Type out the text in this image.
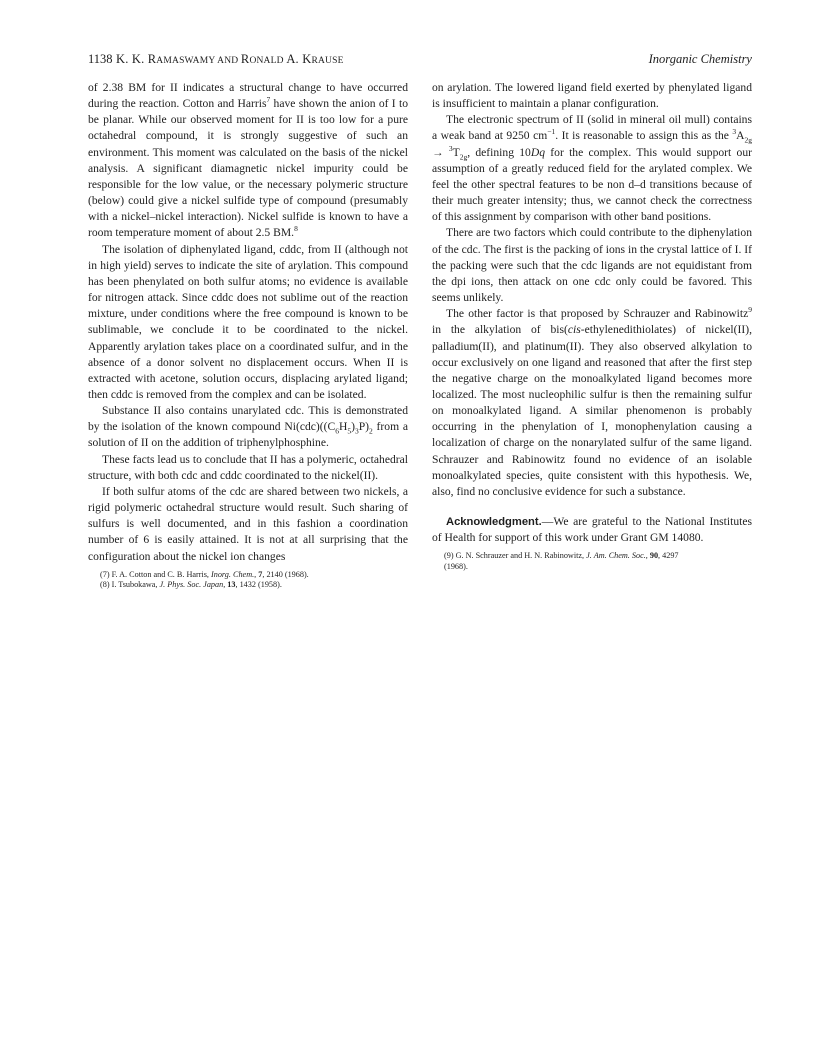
1138 K. K. RAMASWAMY AND RONALD A. KRAUSE	Inorganic Chemistry

of 2.38 BM for II indicates a structural change to have occurred during the reaction. Cotton and Harris$^7$ have shown the anion of I to be planar. While our observed moment for II is too low for a pure octahedral compound, it is strongly suggestive of such an environment. This moment was calculated on the basis of the nickel analysis. A significant diamagnetic nickel impurity could be responsible for the low value, or the necessary polymeric structure (below) could give a nickel sulfide type of compound (presumably with a nickel–nickel interaction). Nickel sulfide is known to have a room temperature moment of about 2.5 BM.$^8$

The isolation of diphenylated ligand, cddc, from II (although not in high yield) serves to indicate the site of arylation. This compound has been phenylated on both sulfur atoms; no evidence is available for nitrogen attack. Since cddc does not sublime out of the reaction mixture, under conditions where the free compound is known to be sublimable, we conclude it to be coordinated to the nickel. Apparently arylation takes place on a coordinated sulfur, and in the absence of a donor solvent no displacement occurs. When II is extracted with acetone, solution occurs, displacing arylated ligand; then cddc is removed from the complex and can be isolated.

Substance II also contains unarylated cdc. This is demonstrated by the isolation of the known compound $Ni(cdc)((C_6H_5)_3P)_2$ from a solution of II on the addition of triphenylphosphine.

These facts lead us to conclude that II has a polymeric, octahedral structure, with both cdc and cddc coordinated to the nickel(II).

If both sulfur atoms of the cdc are shared between two nickels, a rigid polymeric octahedral structure would result. Such sharing of sulfurs is well documented, and in this fashion a coordination number of 6 is easily attained. It is not at all surprising that the configuration about the nickel ion changes

(7) F. A. Cotton and C. B. Harris, Inorg. Chem., 7, 2140 (1968).
(8) I. Tsubokawa, J. Phys. Soc. Japan, 13, 1432 (1958).

on arylation. The lowered ligand field exerted by phenylated ligand is insufficient to maintain a planar configuration.

The electronic spectrum of II (solid in mineral oil mull) contains a weak band at 9250 $cm^{-1}$. It is reasonable to assign this as the $^3A_{2g} \to ^3T_{2g}$, defining 10Dq for the complex. This would support our assumption of a greatly reduced field for the arylated complex. We feel the other spectral features to be non d–d transitions because of their much greater intensity; thus, we cannot check the correctness of this assignment by comparison with other band positions.

There are two factors which could contribute to the diphenylation of the cdc. The first is the packing of ions in the crystal lattice of I. If the packing were such that the cdc ligands are not equidistant from the dpi ions, then attack on one cdc only could be favored. This seems unlikely.

The other factor is that proposed by Schrauzer and Rabinowitz$^9$ in the alkylation of bis(cis-ethylenedithiolates) of nickel(II), palladium(II), and platinum(II). They also observed alkylation to occur exclusively on one ligand and reasoned that after the first step the negative charge on the monoalkylated ligand becomes more localized. The most nucleophilic sulfur is then the remaining sulfur on monoalkylated ligand. A similar phenomenon is probably occurring in the phenylation of I, monophenylation causing a localization of charge on the nonarylated sulfur of the same ligand. Schrauzer and Rabinowitz found no evidence of an isolable monoalkylated species, quite consistent with this hypothesis. We, also, find no conclusive evidence for such a substance.

Acknowledgment.—We are grateful to the National Institutes of Health for support of this work under Grant GM 14080.

(9) G. N. Schrauzer and H. N. Rabinowitz, J. Am. Chem. Soc., 90, 4297
(1968).
